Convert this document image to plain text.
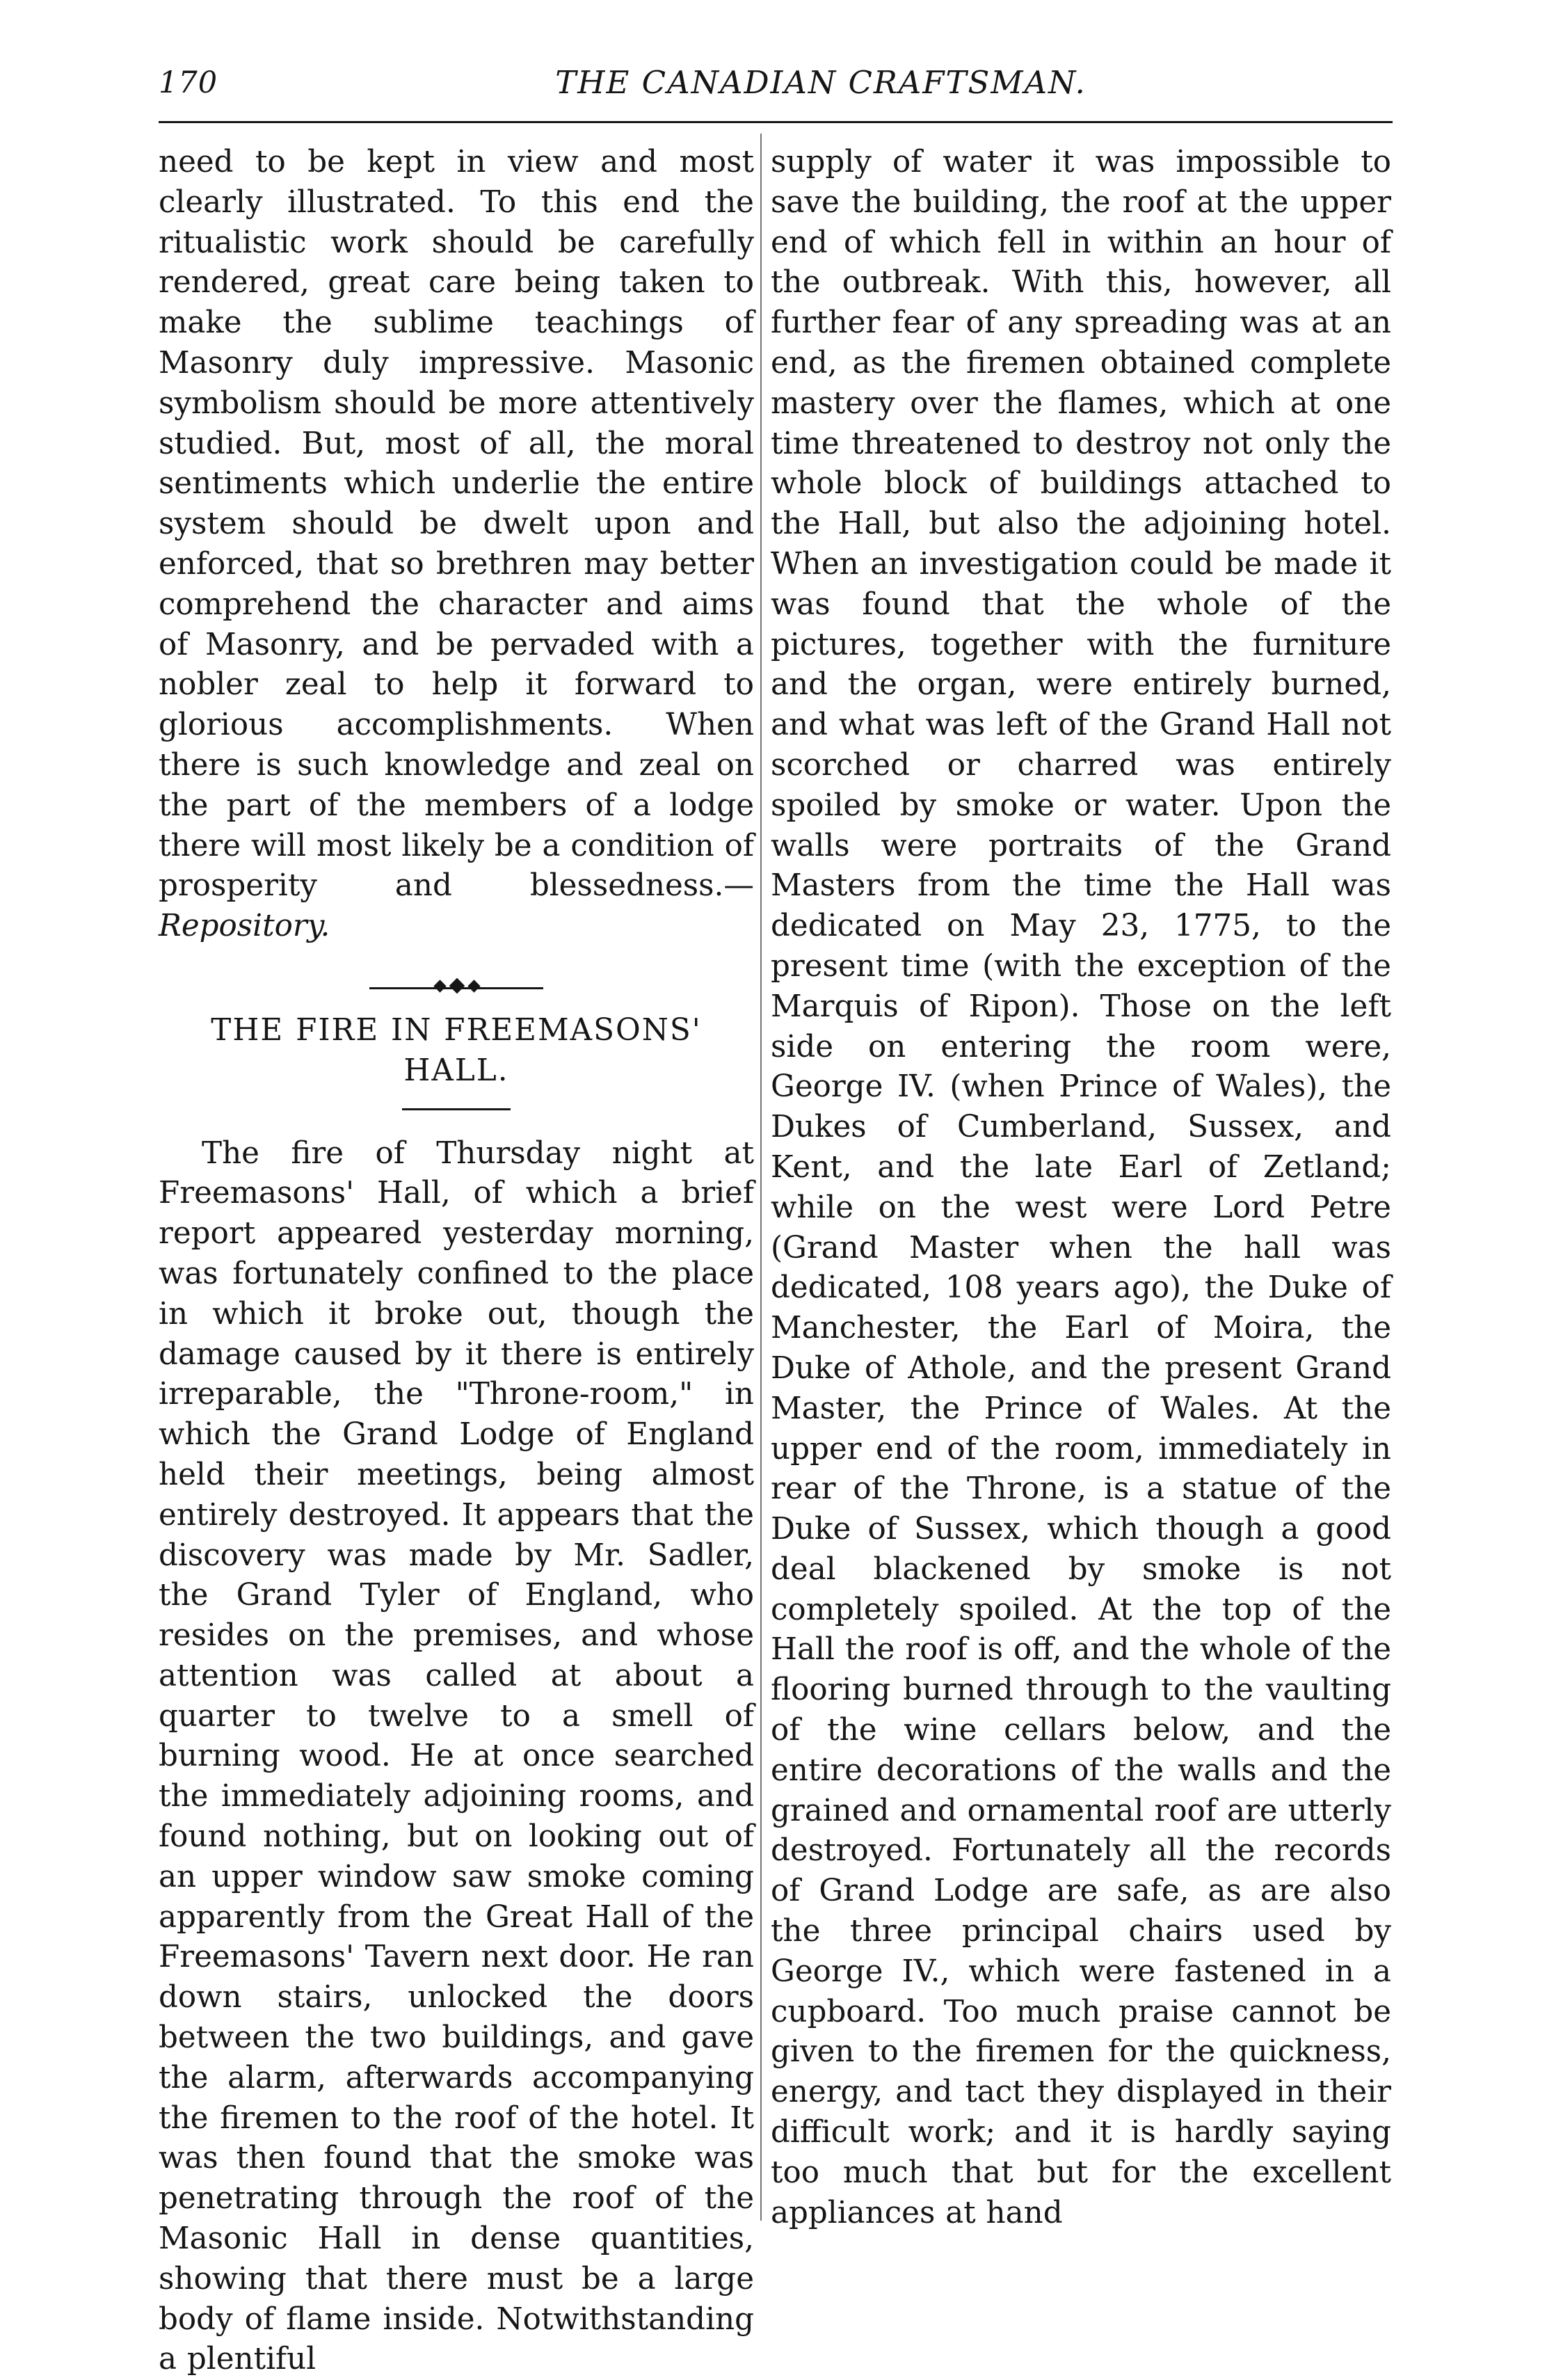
170	THE CANADIAN CRAFTSMAN.

need to be kept in view and most clearly illustrated. To this end the ritualistic work should be carefully rendered, great care being taken to make the sublime teachings of Masonry duly impressive. Masonic symbolism should be more attentively studied. But, most of all, the moral sentiments which underlie the entire system should be dwelt upon and enforced, that so brethren may better comprehend the character and aims of Masonry, and be pervaded with a nobler zeal to help it forward to glorious accomplishments. When there is such knowledge and zeal on the part of the members of a lodge there will most likely be a condition of prosperity and blessedness.—Repository.

THE FIRE IN FREEMASONS' HALL.

The fire of Thursday night at Freemasons' Hall, of which a brief report appeared yesterday morning, was fortunately confined to the place in which it broke out, though the damage caused by it there is entirely irreparable, the "Throne-room," in which the Grand Lodge of England held their meetings, being almost entirely destroyed. It appears that the discovery was made by Mr. Sadler, the Grand Tyler of England, who resides on the premises, and whose attention was called at about a quarter to twelve to a smell of burning wood. He at once searched the immediately adjoining rooms, and found nothing, but on looking out of an upper window saw smoke coming apparently from the Great Hall of the Freemasons' Tavern next door. He ran down stairs, unlocked the doors between the two buildings, and gave the alarm, afterwards accompanying the firemen to the roof of the hotel. It was then found that the smoke was penetrating through the roof of the Masonic Hall in dense quantities, showing that there must be a large body of flame inside. Notwithstanding a plentiful

supply of water it was impossible to save the building, the roof at the upper end of which fell in within an hour of the outbreak. With this, however, all further fear of any spreading was at an end, as the firemen obtained complete mastery over the flames, which at one time threatened to destroy not only the whole block of buildings attached to the Hall, but also the adjoining hotel. When an investigation could be made it was found that the whole of the pictures, together with the furniture and the organ, were entirely burned, and what was left of the Grand Hall not scorched or charred was entirely spoiled by smoke or water. Upon the walls were portraits of the Grand Masters from the time the Hall was dedicated on May 23, 1775, to the present time (with the exception of the Marquis of Ripon). Those on the left side on entering the room were, George IV. (when Prince of Wales), the Dukes of Cumberland, Sussex, and Kent, and the late Earl of Zetland; while on the west were Lord Petre (Grand Master when the hall was dedicated, 108 years ago), the Duke of Manchester, the Earl of Moira, the Duke of Athole, and the present Grand Master, the Prince of Wales. At the upper end of the room, immediately in rear of the Throne, is a statue of the Duke of Sussex, which though a good deal blackened by smoke is not completely spoiled. At the top of the Hall the roof is off, and the whole of the flooring burned through to the vaulting of the wine cellars below, and the entire decorations of the walls and the grained and ornamental roof are utterly destroyed. Fortunately all the records of Grand Lodge are safe, as are also the three principal chairs used by George IV., which were fastened in a cupboard. Too much praise cannot be given to the firemen for the quickness, energy, and tact they displayed in their difficult work; and it is hardly saying too much that but for the excellent appliances at hand
